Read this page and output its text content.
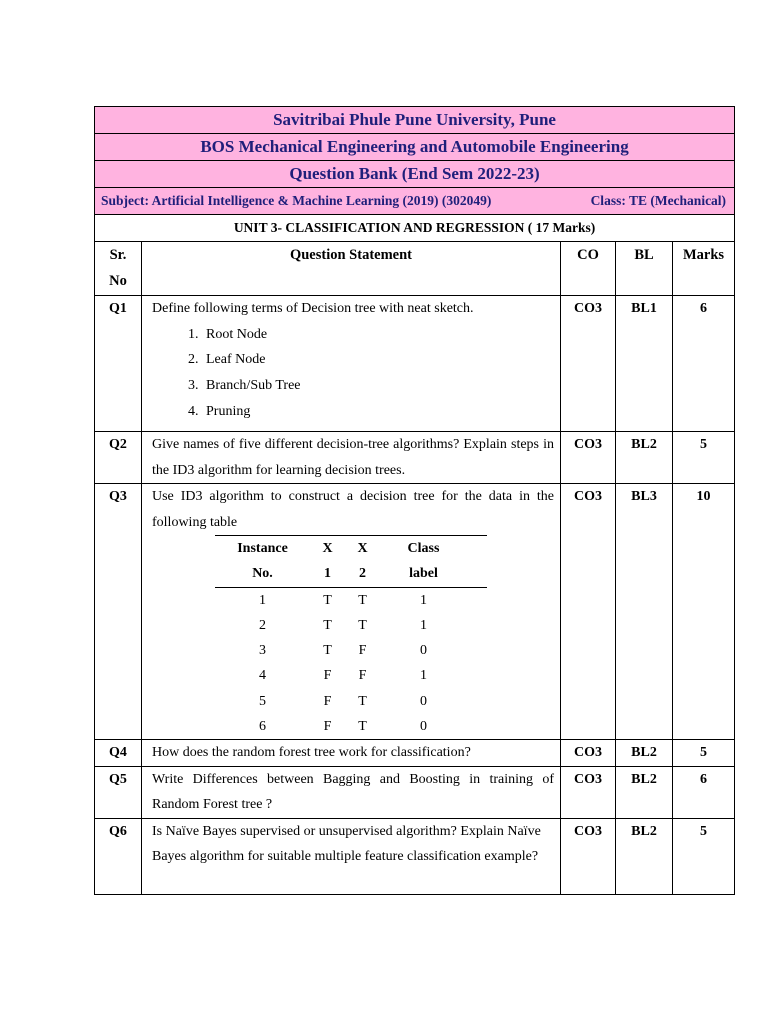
Savitribai Phule Pune University, Pune
BOS Mechanical Engineering and Automobile Engineering
Question Bank (End Sem 2022-23)

Subject: Artificial Intelligence & Machine Learning (2019) (302049)	Class: TE (Mechanical)

UNIT 3- CLASSIFICATION AND REGRESSION ( 17 Marks)

Sr.
No
	Question Statement	CO	BL	Marks
Q1	Define following terms of Decision tree with neat sketch.
1. Root Node
2. Leaf Node
3. Branch/Sub Tree
4. Pruning
	CO3	BL1	6
Q2	Give names of five different decision-tree algorithms? Explain steps in the ID3 algorithm for learning decision trees.	CO3	BL2	5
Q3	Use ID3 algorithm to construct a decision tree for the data in the following table
Instance	X	X	Class	
No.	1	2	label	
1	T	T	1	
2	T	T	1	
3	T	F	0	
4	F	F	1	
5	F	T	0	
6	F	T	0	
	CO3	BL3	10
Q4	How does the random forest tree work for classification?	CO3	BL2	5
Q5	Write Differences between Bagging and Boosting in training of Random Forest tree ?	CO3	BL2	6
Q6	Is Naïve Bayes supervised or unsupervised algorithm? Explain Naïve Bayes algorithm for suitable multiple feature classification example?	CO3	BL2	5
